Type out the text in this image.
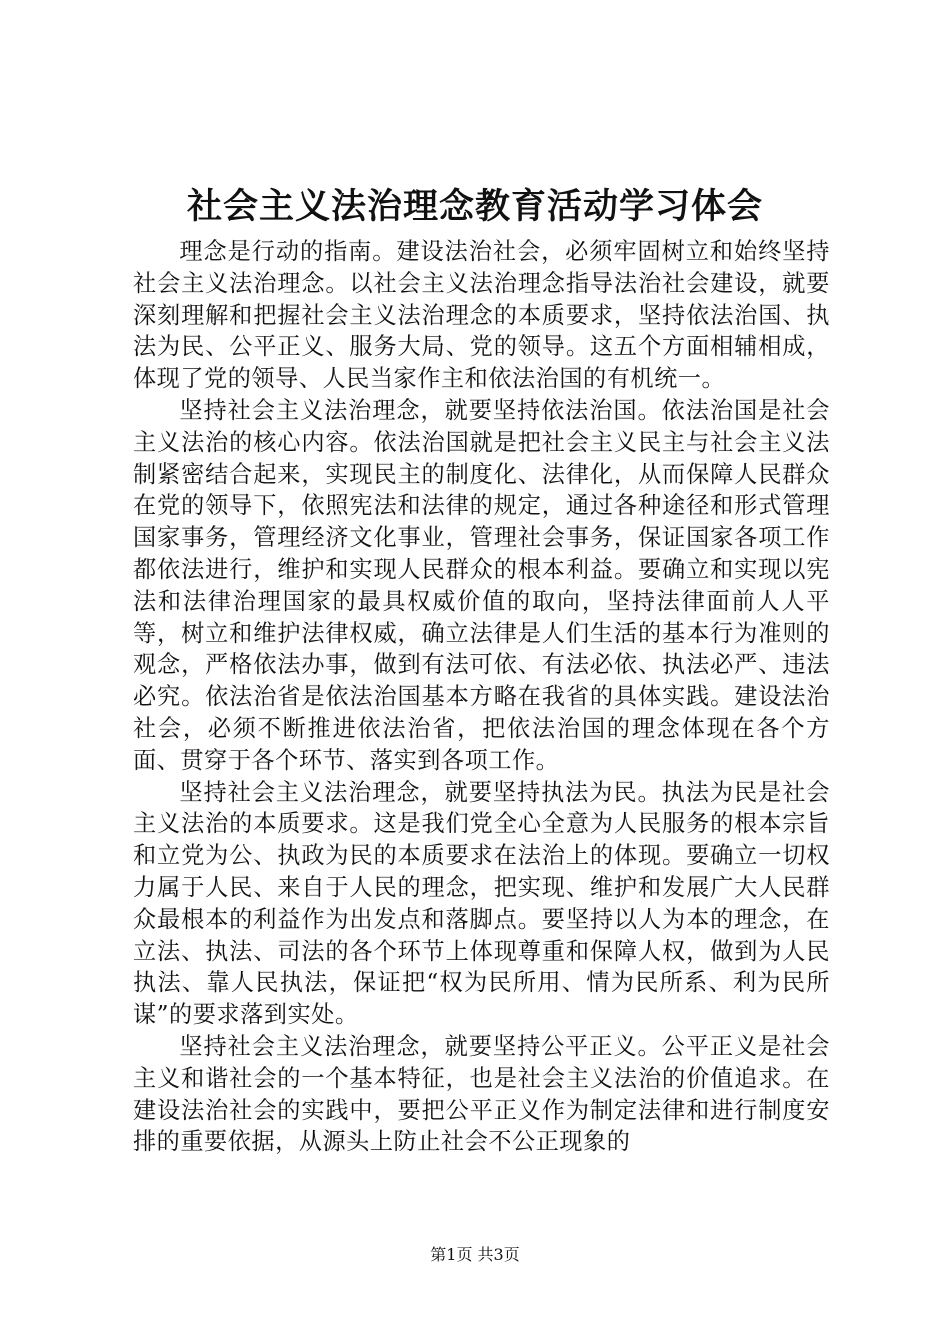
社会主义法治理念教育活动学习体会

理念是行动的指南。建设法治社会，必须牢固树立和始终坚持社会主义法治理念。以社会主义法治理念指导法治社会建设，就要深刻理解和把握社会主义法治理念的本质要求，坚持依法治国、执法为民、公平正义、服务大局、党的领导。这五个方面相辅相成，体现了党的领导、人民当家作主和依法治国的有机统一。

坚持社会主义法治理念，就要坚持依法治国。依法治国是社会主义法治的核心内容。依法治国就是把社会主义民主与社会主义法制紧密结合起来，实现民主的制度化、法律化，从而保障人民群众在党的领导下，依照宪法和法律的规定，通过各种途径和形式管理国家事务，管理经济文化事业，管理社会事务，保证国家各项工作都依法进行，维护和实现人民群众的根本利益。要确立和实现以宪法和法律治理国家的最具权威价值的取向，坚持法律面前人人平等，树立和维护法律权威，确立法律是人们生活的基本行为准则的观念，严格依法办事，做到有法可依、有法必依、执法必严、违法必究。依法治省是依法治国基本方略在我省的具体实践。建设法治社会，必须不断推进依法治省，把依法治国的理念体现在各个方面、贯穿于各个环节、落实到各项工作。

坚持社会主义法治理念，就要坚持执法为民。执法为民是社会主义法治的本质要求。这是我们党全心全意为人民服务的根本宗旨和立党为公、执政为民的本质要求在法治上的体现。要确立一切权力属于人民、来自于人民的理念，把实现、维护和发展广大人民群众最根本的利益作为出发点和落脚点。要坚持以人为本的理念，在立法、执法、司法的各个环节上体现尊重和保障人权，做到为人民执法、靠人民执法，保证把“权为民所用、情为民所系、利为民所谋”的要求落到实处。

坚持社会主义法治理念，就要坚持公平正义。公平正义是社会主义和谐社会的一个基本特征，也是社会主义法治的价值追求。在建设法治社会的实践中，要把公平正义作为制定法律和进行制度安排的重要依据，从源头上防止社会不公正现象的

第1页 共3页
